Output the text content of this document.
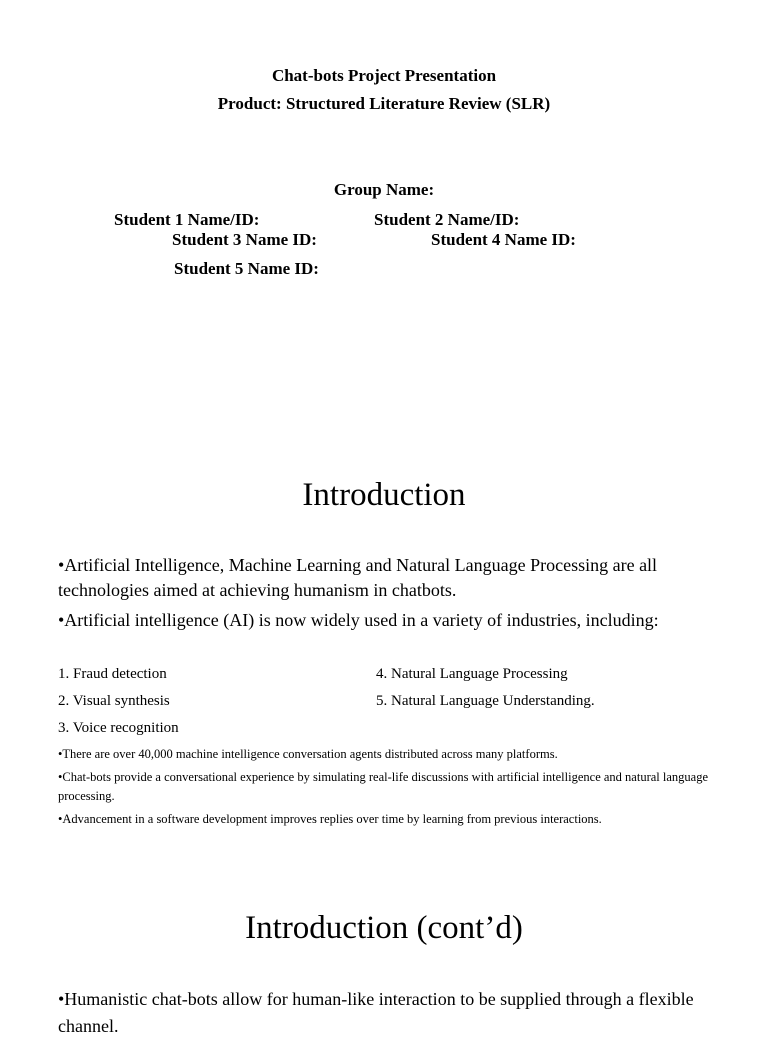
Chat-bots Project Presentation
Product: Structured Literature Review (SLR)
Group Name:
Student 1 Name/ID:	Student 2 Name/ID:
Student 3 Name ID:	Student 4 Name ID:
Student 5 Name ID:
Introduction
•Artificial Intelligence, Machine Learning and Natural Language Processing are all technologies aimed at achieving humanism in chatbots.
•Artificial intelligence (AI) is now widely used in a variety of industries, including:
1. Fraud detection
2. Visual synthesis
3. Voice recognition
4. Natural Language Processing
5. Natural Language Understanding.
•There are over 40,000 machine intelligence conversation agents distributed across many platforms.
•Chat-bots provide a conversational experience by simulating real-life discussions with artificial intelligence and natural language processing.
•Advancement in a software development improves replies over time by learning from previous interactions.
Introduction (cont’d)
•Humanistic chat-bots allow for human-like interaction to be supplied through a flexible channel.
